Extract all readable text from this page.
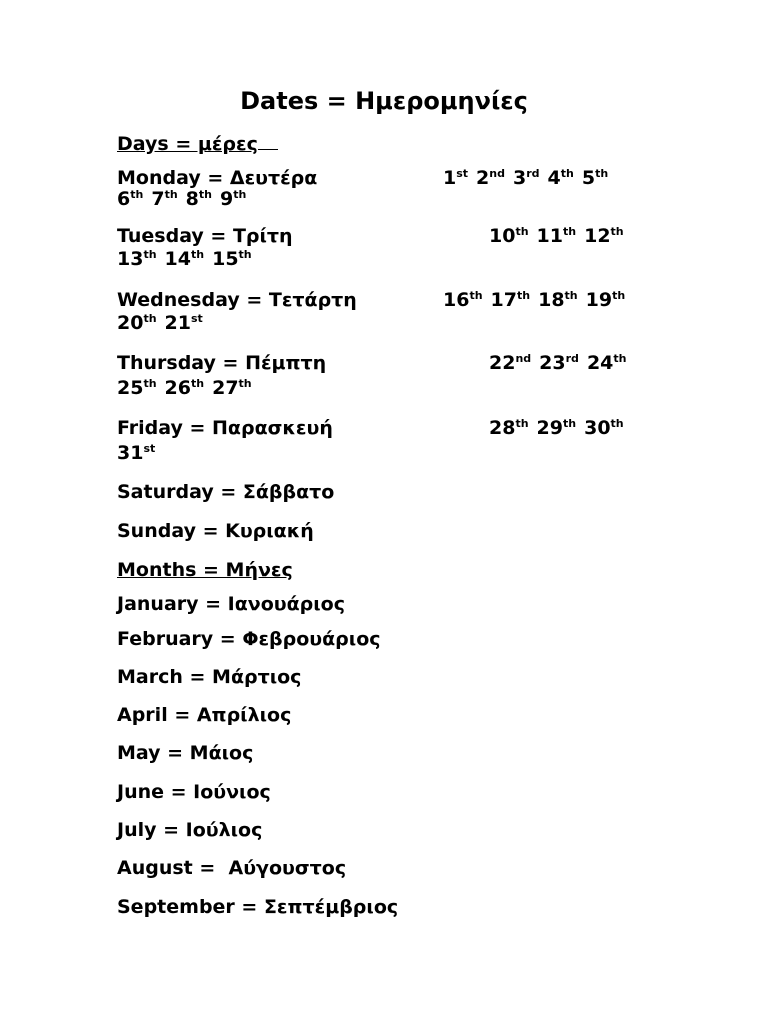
Dates = Ημερομηνίες
Days = μέρες
Monday = Δευτέρα	1st 2nd 3rd 4th 5th
6th 7th 8th 9th
Tuesday = Τρίτη	10th 11th 12th
13th 14th 15th
Wednesday = Τετάρτη	16th 17th 18th 19th
20th 21st
Thursday = Πέμπτη	22nd 23rd 24th
25th 26th 27th
Friday = Παρασκευή	28th 29th 30th
31st
Saturday = Σάββατο
Sunday = Κυριακή
Months = Μήνες
January = Ιανουάριος
February = Φεβρουάριος
March = Μάρτιος
April = Απρίλιος
May = Μάιος
June = Ιούνιος
July = Ιούλιος
August =  Αύγουστος
September = Σεπτέμβριος
